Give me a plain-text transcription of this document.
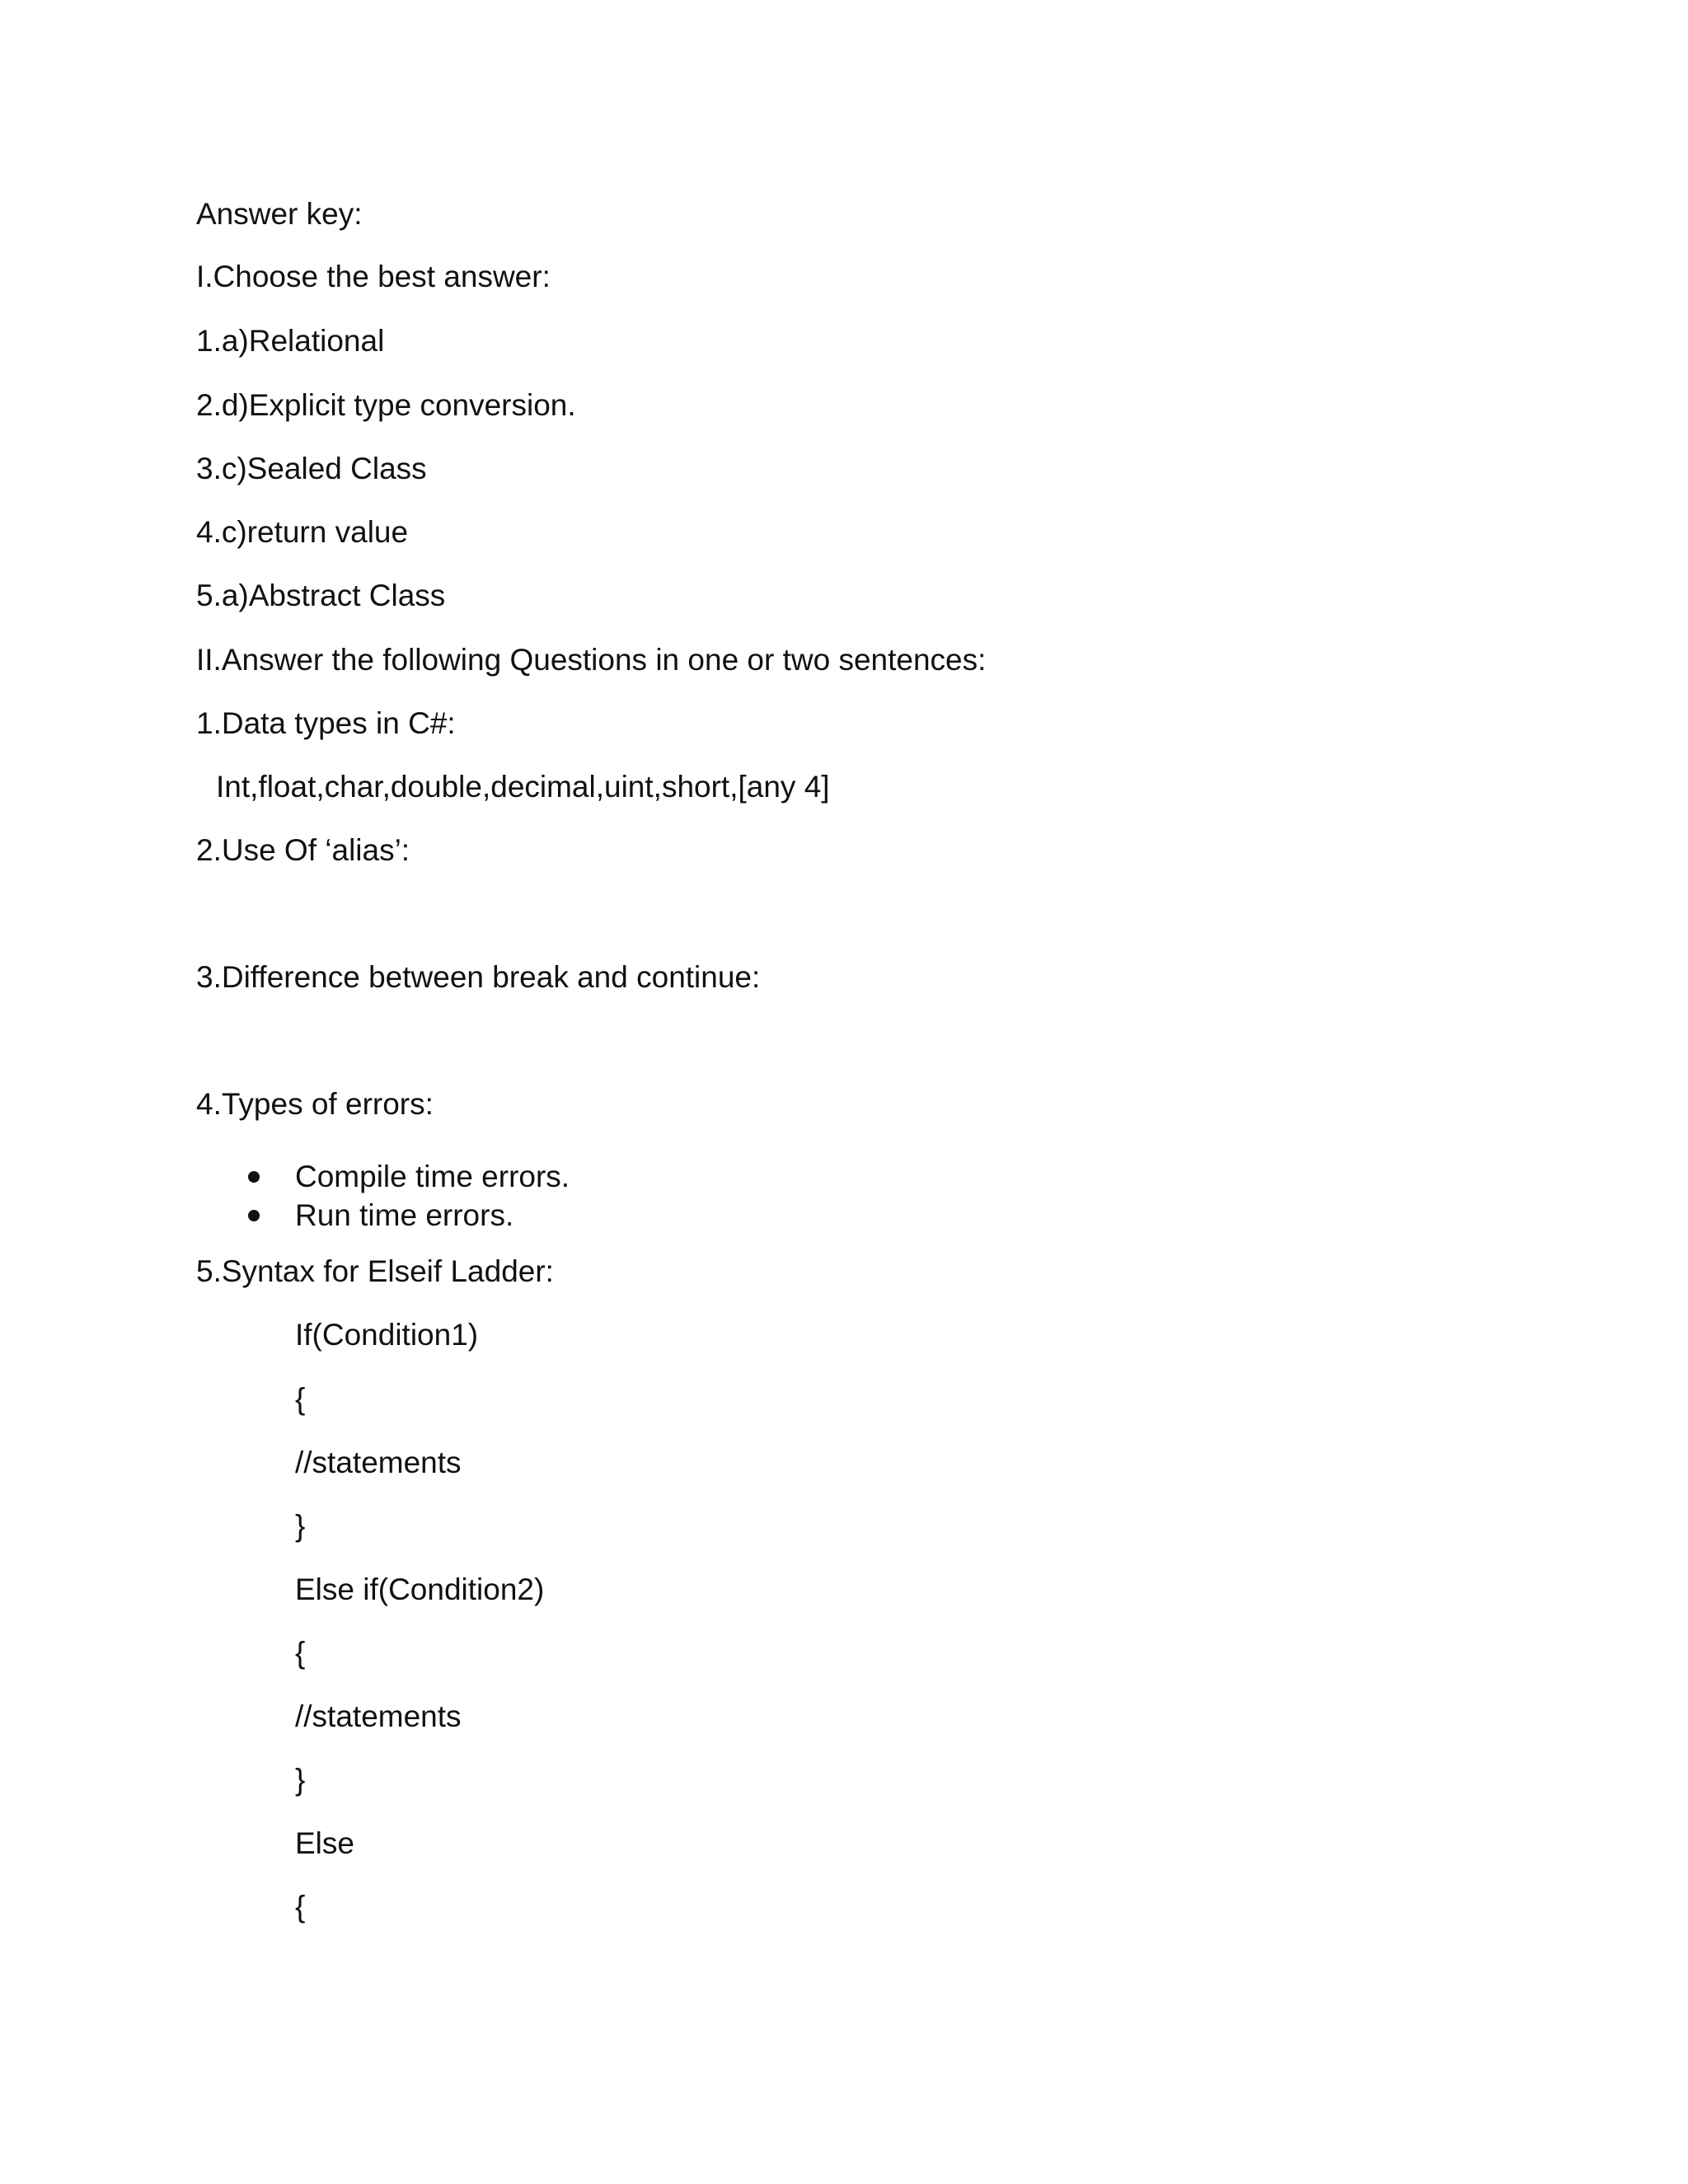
Answer key:
I.Choose the best answer:
1.a)Relational
2.d)Explicit type conversion.
3.c)Sealed Class
4.c)return value
5.a)Abstract Class
II.Answer the following Questions in one or two sentences:
1.Data types in C#:
Int,float,char,double,decimal,uint,short,[any 4]
2.Use Of ‘alias’:
3.Difference between break and continue:
4.Types of errors:
Compile time errors.
Run time errors.
5.Syntax for Elseif Ladder:
If(Condition1)
{
//statements
}
Else if(Condition2)
{
//statements
}
Else
{
